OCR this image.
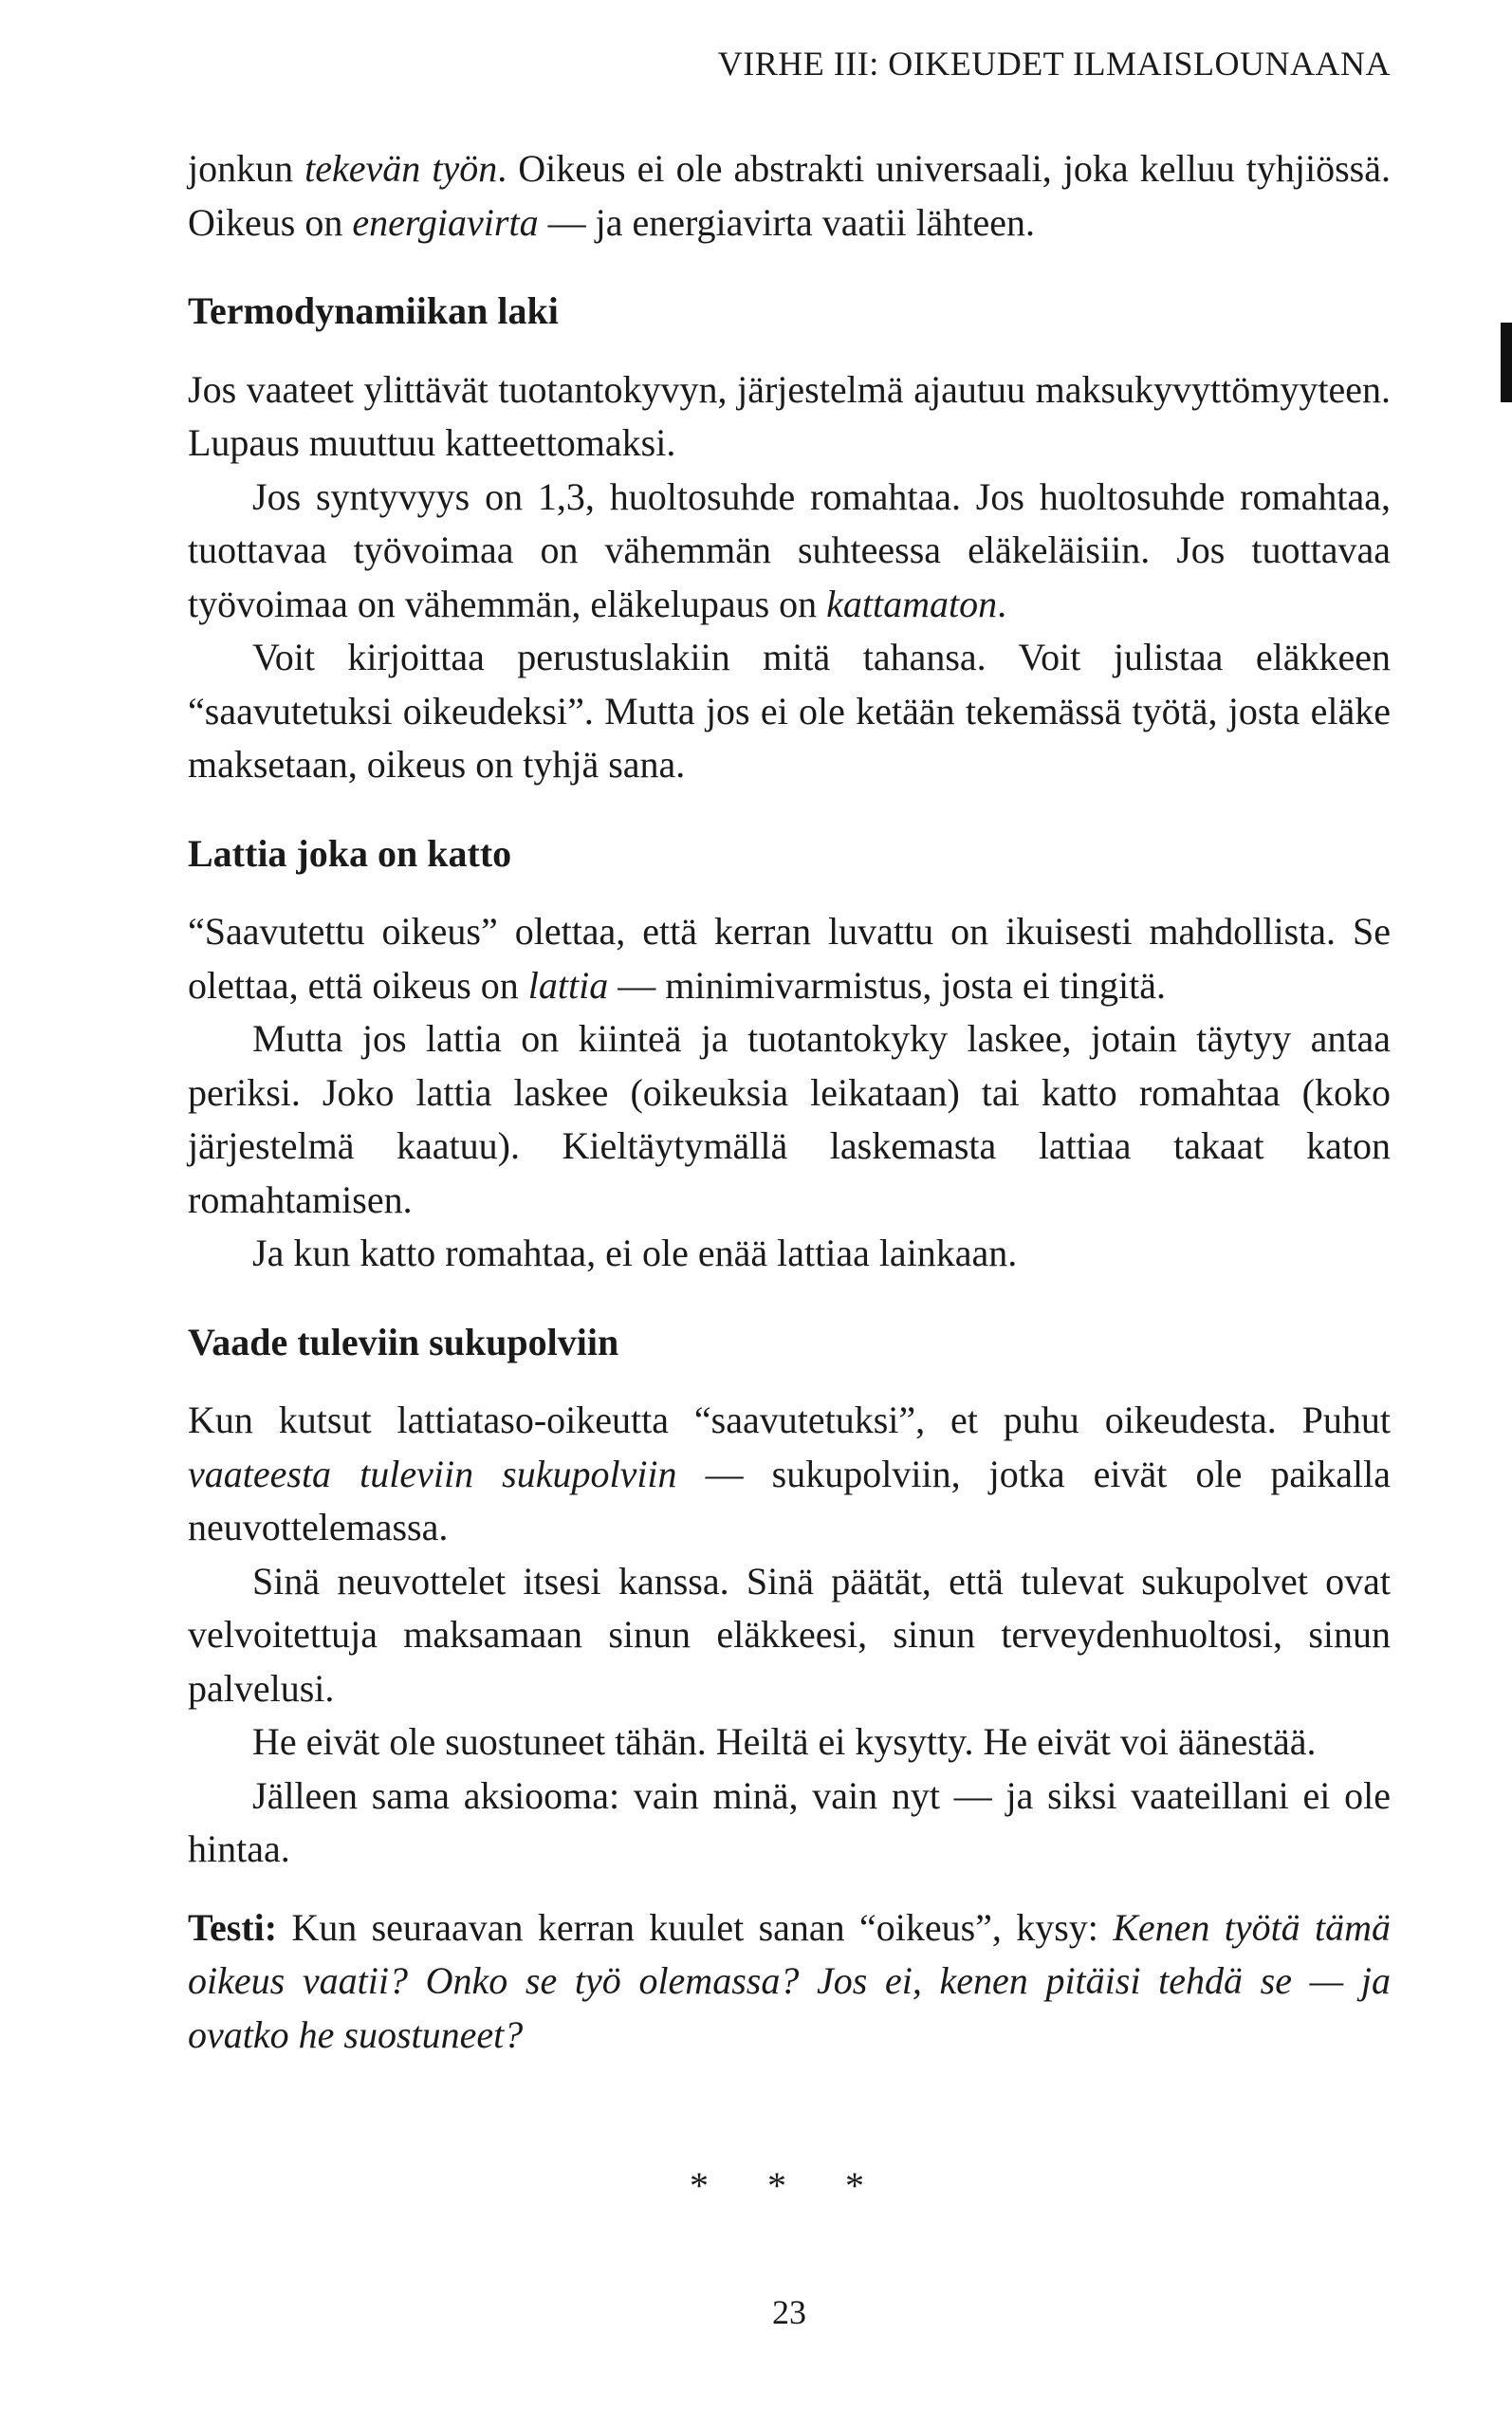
VIRHE III: OIKEUDET ILMAISLOUNAANA

jonkun tekevän työn. Oikeus ei ole abstrakti universaali, joka kelluu tyhjiössä. Oikeus on energiavirta — ja energiavirta vaatii lähteen.

Termodynamiikan laki

Jos vaateet ylittävät tuotantokyvyn, järjestelmä ajautuu maksukyvyttömyyteen. Lupaus muuttuu katteettomaksi.

Jos syntyvyys on 1,3, huoltosuhde romahtaa. Jos huoltosuhde romahtaa, tuottavaa työvoimaa on vähemmän suhteessa eläkeläisiin. Jos tuottavaa työvoimaa on vähemmän, eläkelupaus on kattamaton.

Voit kirjoittaa perustuslakiin mitä tahansa. Voit julistaa eläkkeen “saavutetuksi oikeudeksi”. Mutta jos ei ole ketään tekemässä työtä, josta eläke maksetaan, oikeus on tyhjä sana.

Lattia joka on katto

“Saavutettu oikeus” olettaa, että kerran luvattu on ikuisesti mahdollista. Se olettaa, että oikeus on lattia — minimivarmistus, josta ei tingitä.

Mutta jos lattia on kiinteä ja tuotantokyky laskee, jotain täytyy antaa periksi. Joko lattia laskee (oikeuksia leikataan) tai katto romahtaa (koko järjestelmä kaatuu). Kieltäytymällä laskemasta lattiaa takaat katon romahtamisen.

Ja kun katto romahtaa, ei ole enää lattiaa lainkaan.

Vaade tuleviin sukupolviin

Kun kutsut lattiataso-oikeutta “saavutetuksi”, et puhu oikeudesta. Puhut vaateesta tuleviin sukupolviin — sukupolviin, jotka eivät ole paikalla neuvottelemassa.

Sinä neuvottelet itsesi kanssa. Sinä päätät, että tulevat sukupolvet ovat velvoitettuja maksamaan sinun eläkkeesi, sinun terveydenhuoltosi, sinun palvelusi.

He eivät ole suostuneet tähän. Heiltä ei kysytty. He eivät voi äänestää.

Jälleen sama aksiooma: vain minä, vain nyt — ja siksi vaateillani ei ole hintaa.

Testi: Kun seuraavan kerran kuulet sanan “oikeus”, kysy: Kenen työtä tämä oikeus vaatii? Onko se työ olemassa? Jos ei, kenen pitäisi tehdä se — ja ovatko he suostuneet?

* * *
23
